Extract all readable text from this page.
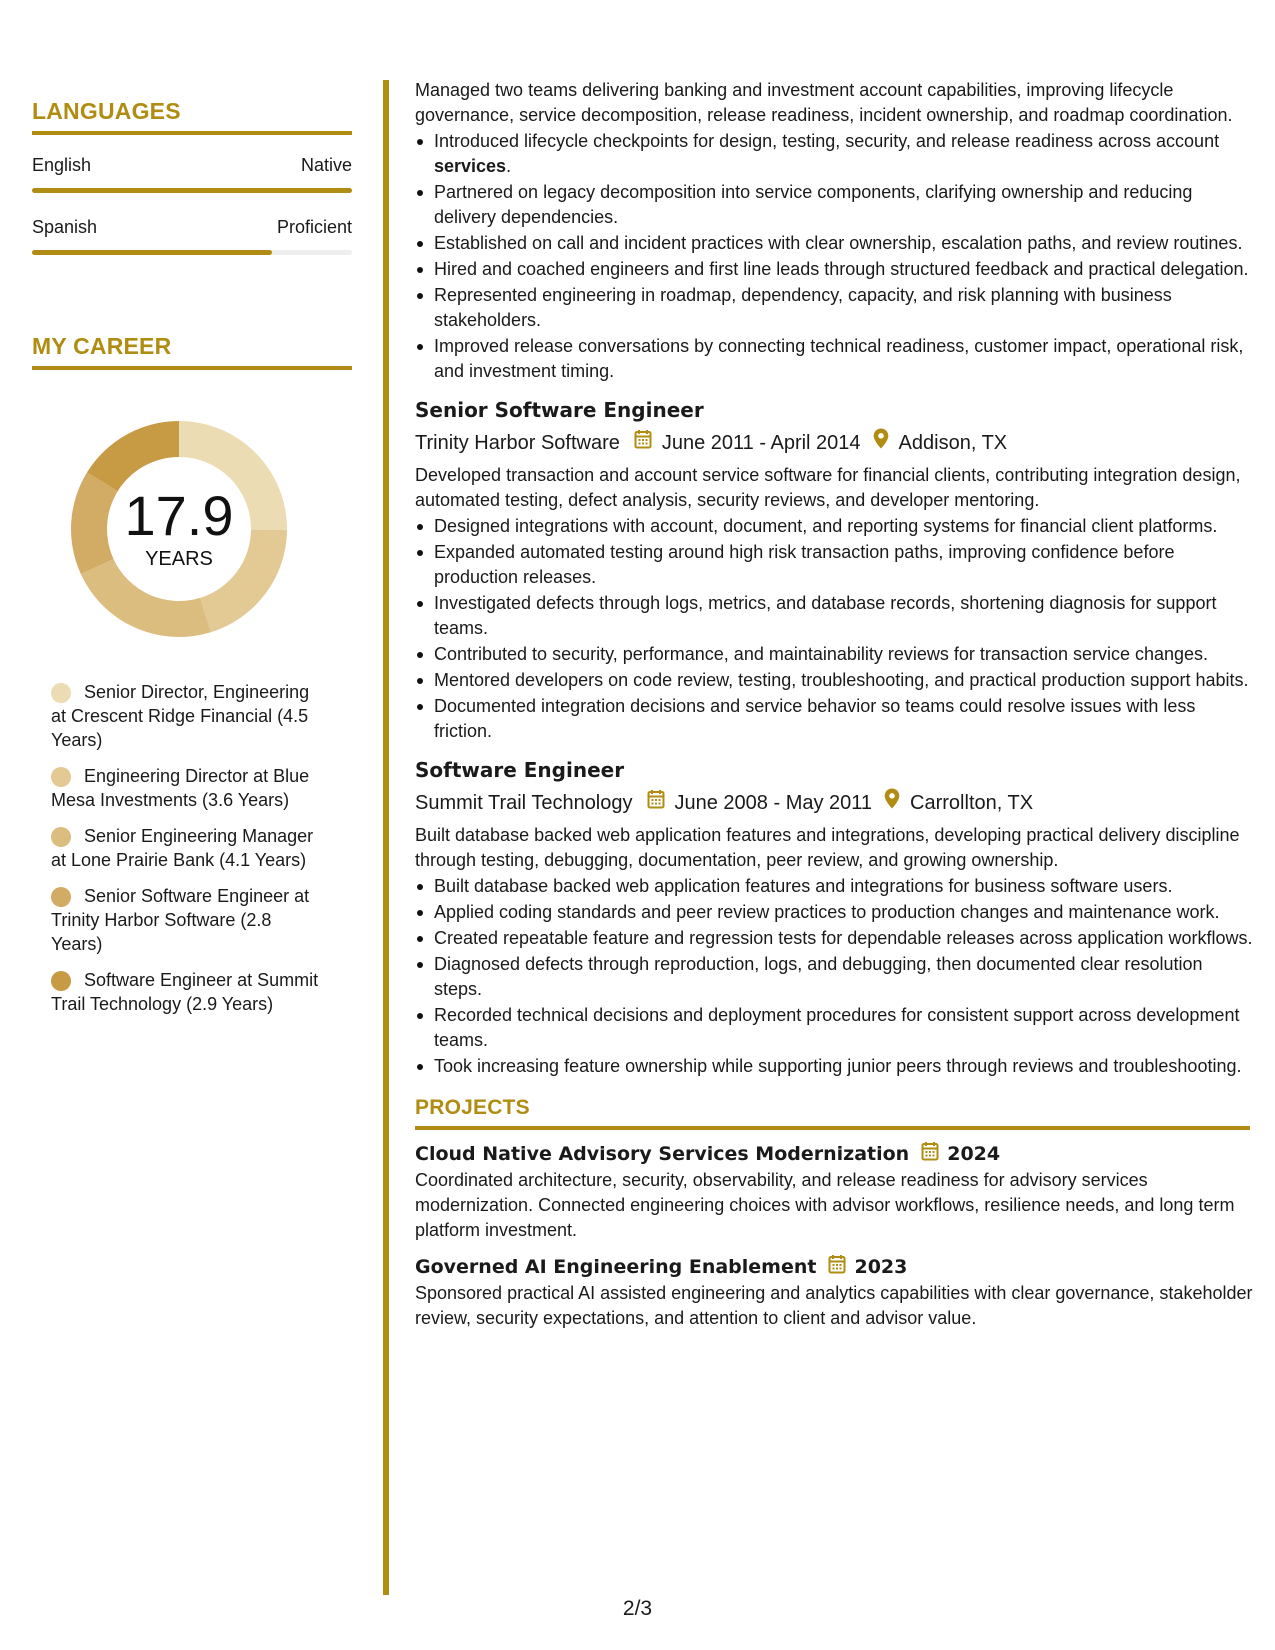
LANGUAGES
English	Native
Spanish	Proficient
MY CAREER
17.9
YEARS
Senior Director, Engineering at Crescent Ridge Financial (4.5 Years)
Engineering Director at Blue Mesa Investments (3.6 Years)
Senior Engineering Manager at Lone Prairie Bank (4.1 Years)
Senior Software Engineer at Trinity Harbor Software (2.8 Years)
Software Engineer at Summit Trail Technology (2.9 Years)

Managed two teams delivering banking and investment account capabilities, improving lifecycle governance, service decomposition, release readiness, incident ownership, and roadmap coordination.

Introduced lifecycle checkpoints for design, testing, security, and release readiness across account services.
Partnered on legacy decomposition into service components, clarifying ownership and reducing delivery dependencies.
Established on call and incident practices with clear ownership, escalation paths, and review routines.
Hired and coached engineers and first line leads through structured feedback and practical delegation.
Represented engineering in roadmap, dependency, capacity, and risk planning with business stakeholders.
Improved release conversations by connecting technical readiness, customer impact, operational risk, and investment timing.
Senior Software Engineer
Trinity Harbor Software June 2011 - April 2014 Addison, TX

Developed transaction and account service software for financial clients, contributing integration design, automated testing, defect analysis, security reviews, and developer mentoring.

Designed integrations with account, document, and reporting systems for financial client platforms.
Expanded automated testing around high risk transaction paths, improving confidence before production releases.
Investigated defects through logs, metrics, and database records, shortening diagnosis for support teams.
Contributed to security, performance, and maintainability reviews for transaction service changes.
Mentored developers on code review, testing, troubleshooting, and practical production support habits.
Documented integration decisions and service behavior so teams could resolve issues with less friction.
Software Engineer
Summit Trail Technology June 2008 - May 2011 Carrollton, TX

Built database backed web application features and integrations, developing practical delivery discipline through testing, debugging, documentation, peer review, and growing ownership.

Built database backed web application features and integrations for business software users.
Applied coding standards and peer review practices to production changes and maintenance work.
Created repeatable feature and regression tests for dependable releases across application workflows.
Diagnosed defects through reproduction, logs, and debugging, then documented clear resolution steps.
Recorded technical decisions and deployment procedures for consistent support across development teams.
Took increasing feature ownership while supporting junior peers through reviews and troubleshooting.
PROJECTS
Cloud Native Advisory Services Modernization 2024

Coordinated architecture, security, observability, and release readiness for advisory services modernization. Connected engineering choices with advisor workflows, resilience needs, and long term platform investment.

Governed AI Engineering Enablement 2023

Sponsored practical AI assisted engineering and analytics capabilities with clear governance, stakeholder review, security expectations, and attention to client and advisor value.

2/3
